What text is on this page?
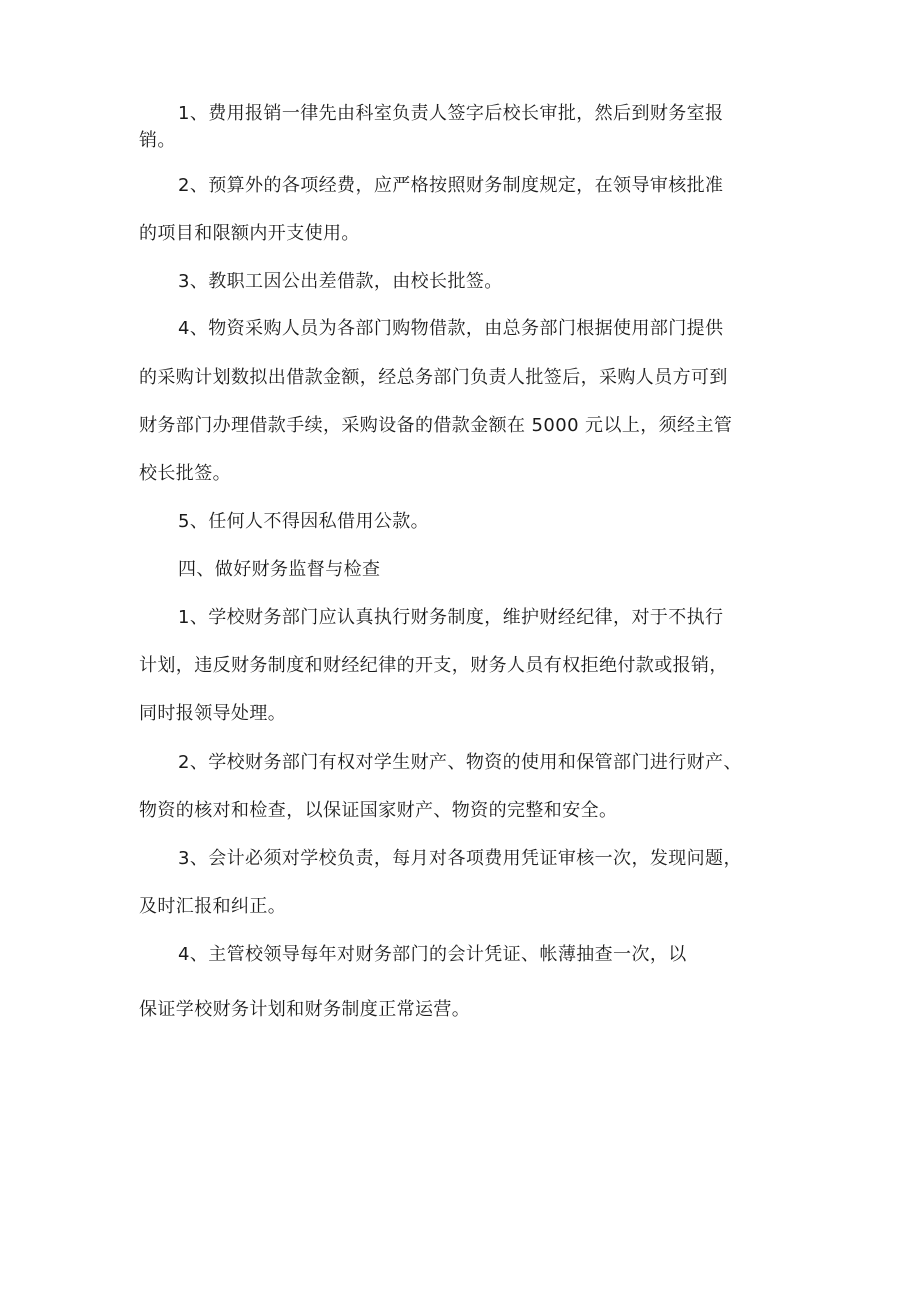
1、费用报销一律先由科室负责人签字后校长审批，然后到财务室报
销。
2、预算外的各项经费，应严格按照财务制度规定，在领导审核批准
的项目和限额内开支使用。
3、教职工因公出差借款，由校长批签。
4、物资采购人员为各部门购物借款，由总务部门根据使用部门提供
的采购计划数拟出借款金额，经总务部门负责人批签后，采购人员方可到
财务部门办理借款手续，采购设备的借款金额在 5000 元以上，须经主管
校长批签。
5、任何人不得因私借用公款。
四、做好财务监督与检查
1、学校财务部门应认真执行财务制度，维护财经纪律，对于不执行
计划，违反财务制度和财经纪律的开支，财务人员有权拒绝付款或报销，
同时报领导处理。
2、学校财务部门有权对学生财产、物资的使用和保管部门进行财产、
物资的核对和检查，以保证国家财产、物资的完整和安全。
3、会计必须对学校负责，每月对各项费用凭证审核一次，发现问题，
及时汇报和纠正。
4、主管校领导每年对财务部门的会计凭证、帐薄抽查一次，以
保证学校财务计划和财务制度正常运营。
